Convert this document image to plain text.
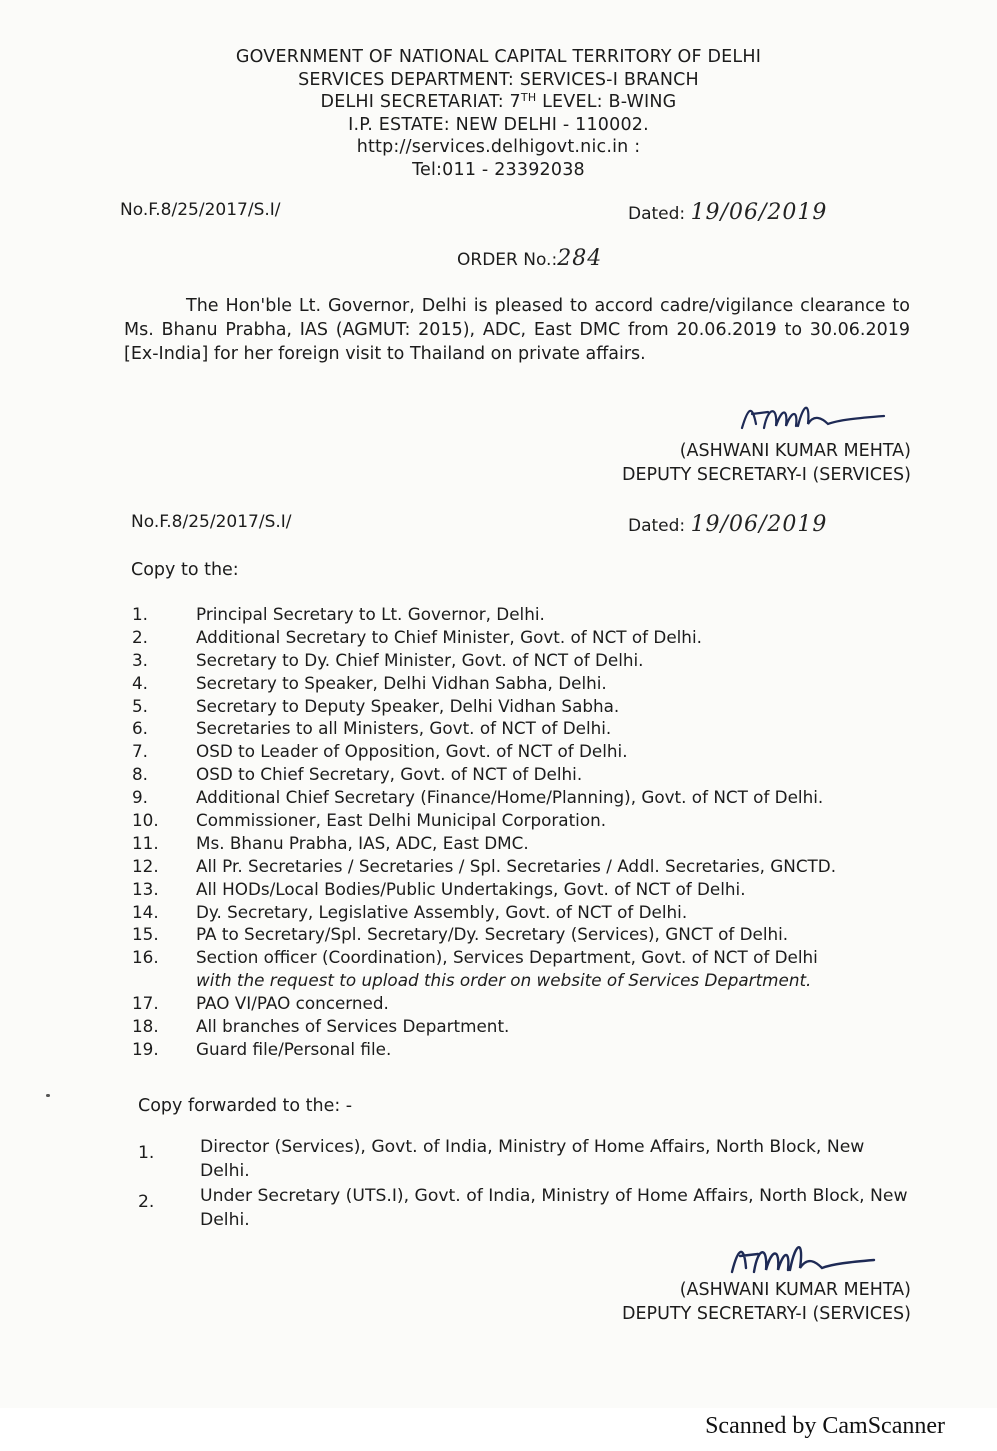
GOVERNMENT OF NATIONAL CAPITAL TERRITORY OF DELHI
SERVICES DEPARTMENT: SERVICES-I BRANCH
DELHI SECRETARIAT: 7TH LEVEL: B-WING
I.P. ESTATE: NEW DELHI - 110002.
http://services.delhigovt.nic.in :
Tel:011 - 23392038
No.F.8/25/2017/S.I/	Dated: 19/06/2019
ORDER No.:284

The Hon'ble Lt. Governor, Delhi is pleased to accord cadre/vigilance clearance to Ms. Bhanu Prabha, IAS (AGMUT: 2015), ADC, East DMC from 20.06.2019 to 30.06.2019 [Ex-India] for her foreign visit to Thailand on private affairs.

(ASHWANI KUMAR MEHTA)
DEPUTY SECRETARY-I (SERVICES)
No.F.8/25/2017/S.I/	Dated: 19/06/2019
Copy to the:
1.	Principal Secretary to Lt. Governor, Delhi.
2.	Additional Secretary to Chief Minister, Govt. of NCT of Delhi.
3.	Secretary to Dy. Chief Minister, Govt. of NCT of Delhi.
4.	Secretary to Speaker, Delhi Vidhan Sabha, Delhi.
5.	Secretary to Deputy Speaker, Delhi Vidhan Sabha.
6.	Secretaries to all Ministers, Govt. of NCT of Delhi.
7.	OSD to Leader of Opposition, Govt. of NCT of Delhi.
8.	OSD to Chief Secretary, Govt. of NCT of Delhi.
9.	Additional Chief Secretary (Finance/Home/Planning), Govt. of NCT of Delhi.
10.	Commissioner, East Delhi Municipal Corporation.
11.	Ms. Bhanu Prabha, IAS, ADC, East DMC.
12.	All Pr. Secretaries / Secretaries / Spl. Secretaries / Addl. Secretaries, GNCTD.
13.	All HODs/Local Bodies/Public Undertakings, Govt. of NCT of Delhi.
14.	Dy. Secretary, Legislative Assembly, Govt. of NCT of Delhi.
15.	PA to Secretary/Spl. Secretary/Dy. Secretary (Services), GNCT of Delhi.
16.	Section officer (Coordination), Services Department, Govt. of NCT of Delhi
with the request to upload this order on website of Services Department.
17.	PAO VI/PAO concerned.
18.	All branches of Services Department.
19.	Guard file/Personal file.
Copy forwarded to the: -
1.	Director (Services), Govt. of India, Ministry of Home Affairs, North Block, New Delhi.
2.	Under Secretary (UTS.I), Govt. of India, Ministry of Home Affairs, North Block, New Delhi.
(ASHWANI KUMAR MEHTA)
DEPUTY SECRETARY-I (SERVICES)
Scanned by CamScanner
